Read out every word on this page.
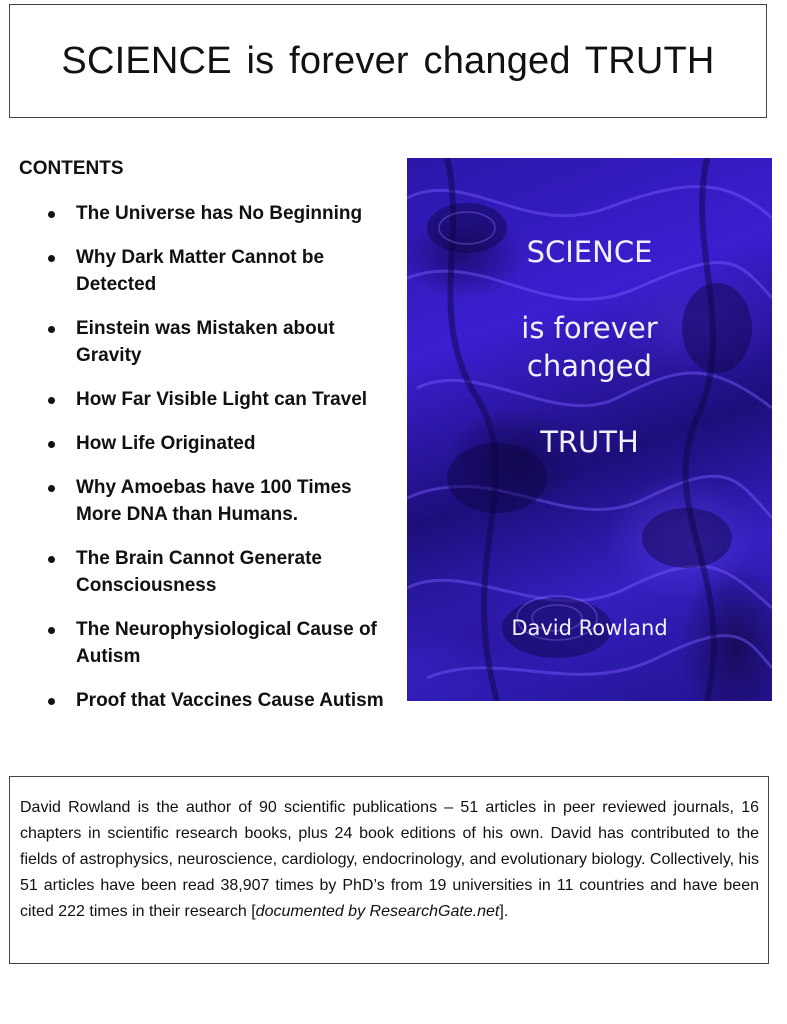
SCIENCE is forever changed TRUTH
CONTENTS
The Universe has No Beginning
Why Dark Matter Cannot be Detected
Einstein was Mistaken about Gravity
How Far Visible Light can Travel
How Life Originated
Why Amoebas have 100 Times More DNA than Humans.
The Brain Cannot Generate Consciousness
The Neurophysiological Cause of Autism
Proof that Vaccines Cause Autism
SCIENCE
is forever
changed
TRUTH
David Rowland

David Rowland is the author of 90 scientific publications – 51 articles in peer reviewed journals, 16 chapters in scientific research books, plus 24 book editions of his own. David has contributed to the fields of astrophysics, neuroscience, cardiology, endocrinology, and evolutionary biology. Collectively, his 51 articles have been read 38,907 times by PhD’s from 19 universities in 11 countries and have been cited 222 times in their research [documented by ResearchGate.net].
